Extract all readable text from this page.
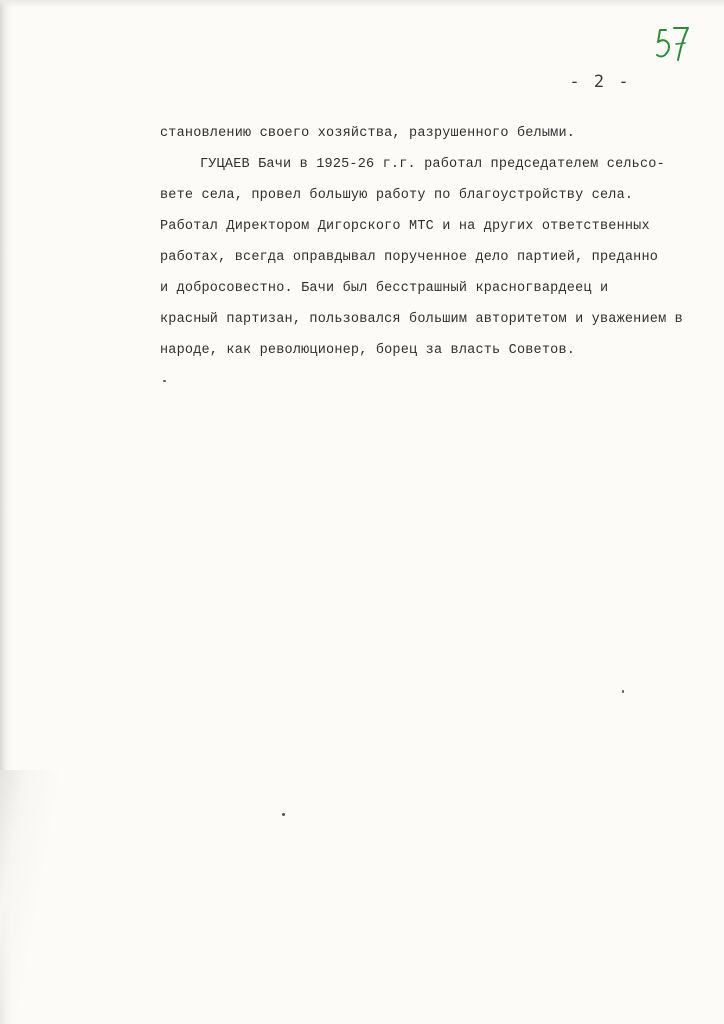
- 2 -
становлению своего хозяйства, разрушенного белыми.
ГУЦАЕВ Бачи в 1925-26 г.г. работал председателем сельсо-
вете села, провел большую работу по благоустройству села.
Работал Директором Дигорского МТС и на других ответственных
работах, всегда оправдывал порученное дело партией, преданно
и добросовестно. Бачи был бесстрашный красногвардеец и
красный партизан, пользовался большим авторитетом и уважением в
народе, как революционер, борец за власть Советов.
